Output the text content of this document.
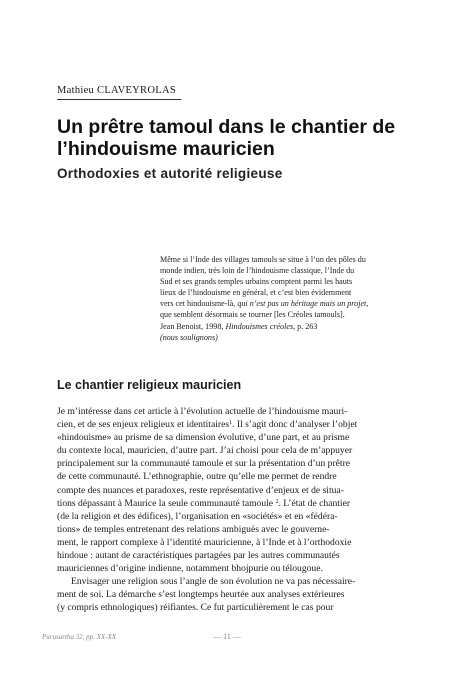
Mathieu CLAVEYROLAS
Un prêtre tamoul dans le chantier de l’hindouisme mauricien
Orthodoxies et autorité religieuse
Même si l’Inde des villages tamouls se situe à l’un des pôles du
monde indien, très loin de l’hindouisme classique, l’Inde du
Sud et ses grands temples urbains comptent parmi les hauts
lieux de l’hindouisme en général, et c’est bien évidemment
vers cet hindouisme-là, qui n’est pas un héritage mais un projet,
que semblent désormais se tourner [les Créoles tamouls].
Jean Benoist, 1998, Hindouismes créoles, p. 263
(nous soulignons)
Le chantier religieux mauricien
Je m’intéresse dans cet article à l’évolution actuelle de l’hindouisme mauri-
cien, et de ses enjeux religieux et identitaires$^1$. Il s’agit donc d’analyser l’objet
«hindouisme» au prisme de sa dimension évolutive, d’une part, et au prisme
du contexte local, mauricien, d’autre part. J’ai choisi pour cela de m’appuyer
principalement sur la communauté tamoule et sur la présentation d’un prêtre
de cette communauté. L’ethnographie, outre qu’elle me permet de rendre
compte des nuances et paradoxes, reste représentative d’enjeux et de situa-
tions dépassant à Maurice la seule communauté tamoule $^2$. L’état de chantier
(de la religion et des édifices), l’organisation en «sociétés» et en «fédéra-
tions» de temples entretenant des relations ambiguës avec le gouverne-
ment, le rapport complexe à l’identité mauricienne, à l’Inde et à l’orthodoxie
hindoue : autant de caractéristiques partagées par les autres communautés
mauriciennes d’origine indienne, notamment bhojpurie ou télougoue.
Envisager une religion sous l’angle de son évolution ne va pas nécessaire-
ment de soi. La démarche s’est longtemps heurtée aux analyses extérieures
(y compris ethnologiques) réifiantes. Ce fut particulièrement le cas pour
Purusartha 32, pp. XX-XX	— 11 —
